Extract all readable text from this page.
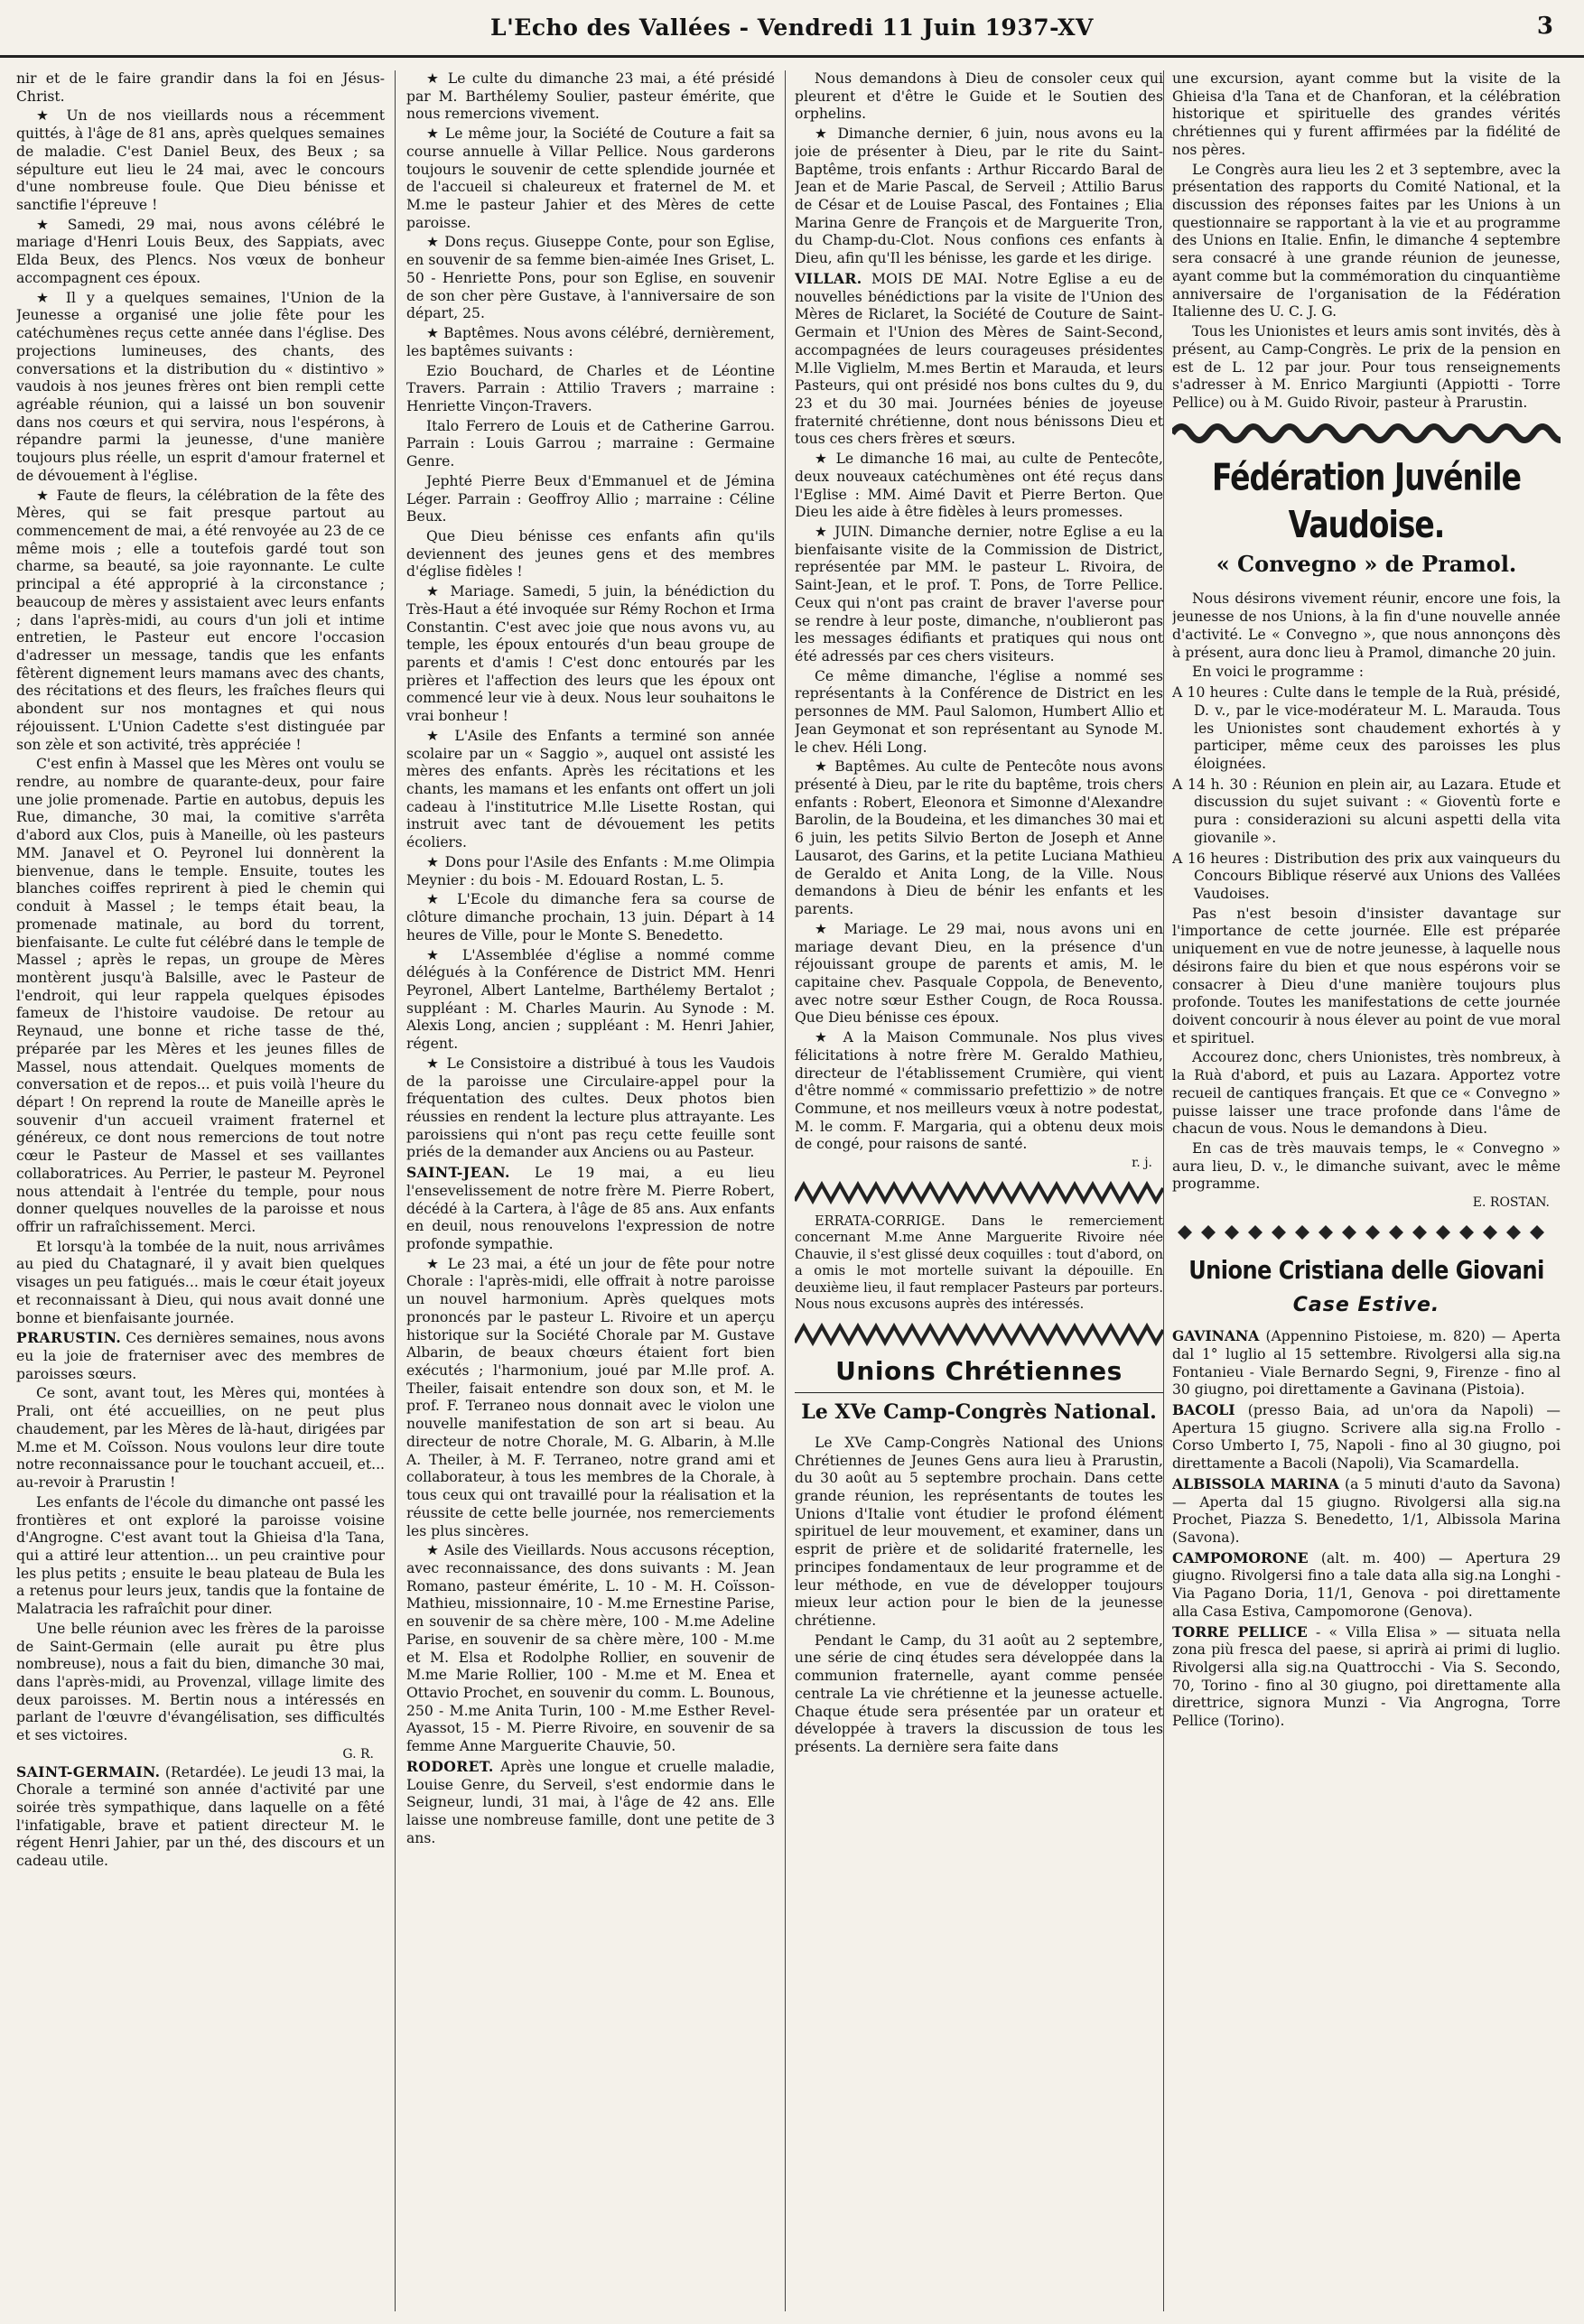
L'Echo des Vallées - Vendredi 11 Juin 1937-XV	3

nir et de le faire grandir dans la foi en Jésus-Christ.

★ Un de nos vieillards nous a récemment quittés, à l'âge de 81 ans, après quelques semaines de maladie. C'est Daniel Beux, des Beux ; sa sépulture eut lieu le 24 mai, avec le concours d'une nombreuse foule. Que Dieu bénisse et sanctifie l'épreuve !

★ Samedi, 29 mai, nous avons célébré le mariage d'Henri Louis Beux, des Sappiats, avec Elda Beux, des Plencs. Nos vœux de bonheur accompagnent ces époux.

★ Il y a quelques semaines, l'Union de la Jeunesse a organisé une jolie fête pour les catéchumènes reçus cette année dans l'église. Des projections lumineuses, des chants, des conversations et la distribution du « distintivo » vaudois à nos jeunes frères ont bien rempli cette agréable réunion, qui a laissé un bon souvenir dans nos cœurs et qui servira, nous l'espérons, à répandre parmi la jeunesse, d'une manière toujours plus réelle, un esprit d'amour fraternel et de dévouement à l'église.

★ Faute de fleurs, la célébration de la fête des Mères, qui se fait presque partout au commencement de mai, a été renvoyée au 23 de ce même mois ; elle a toutefois gardé tout son charme, sa beauté, sa joie rayonnante. Le culte principal a été approprié à la circonstance ; beaucoup de mères y assistaient avec leurs enfants ; dans l'après-midi, au cours d'un joli et intime entretien, le Pasteur eut encore l'occasion d'adresser un message, tandis que les enfants fêtèrent dignement leurs mamans avec des chants, des récitations et des fleurs, les fraîches fleurs qui abondent sur nos montagnes et qui nous réjouissent. L'Union Cadette s'est distinguée par son zèle et son activité, très appréciée !

C'est enfin à Massel que les Mères ont voulu se rendre, au nombre de quarante-deux, pour faire une jolie promenade. Partie en autobus, depuis les Rue, dimanche, 30 mai, la comitive s'arrêta d'abord aux Clos, puis à Maneille, où les pasteurs MM. Janavel et O. Peyronel lui donnèrent la bienvenue, dans le temple. Ensuite, toutes les blanches coiffes reprirent à pied le chemin qui conduit à Massel ; le temps était beau, la promenade matinale, au bord du torrent, bienfaisante. Le culte fut célébré dans le temple de Massel ; après le repas, un groupe de Mères montèrent jusqu'à Balsille, avec le Pasteur de l'endroit, qui leur rappela quelques épisodes fameux de l'histoire vaudoise. De retour au Reynaud, une bonne et riche tasse de thé, préparée par les Mères et les jeunes filles de Massel, nous attendait. Quelques moments de conversation et de repos... et puis voilà l'heure du départ ! On reprend la route de Maneille après le souvenir d'un accueil vraiment fraternel et généreux, ce dont nous remercions de tout notre cœur le Pasteur de Massel et ses vaillantes collaboratrices. Au Perrier, le pasteur M. Peyronel nous attendait à l'entrée du temple, pour nous donner quelques nouvelles de la paroisse et nous offrir un rafraîchissement. Merci.

Et lorsqu'à la tombée de la nuit, nous arrivâmes au pied du Chatagnaré, il y avait bien quelques visages un peu fatigués... mais le cœur était joyeux et reconnaissant à Dieu, qui nous avait donné une bonne et bienfaisante journée.

PRARUSTIN. Ces dernières semaines, nous avons eu la joie de fraterniser avec des membres de paroisses sœurs.

Ce sont, avant tout, les Mères qui, montées à Prali, ont été accueillies, on ne peut plus chaudement, par les Mères de là-haut, dirigées par M.me et M. Coïsson. Nous voulons leur dire toute notre reconnaissance pour le touchant accueil, et... au-revoir à Prarustin !

Les enfants de l'école du dimanche ont passé les frontières et ont exploré la paroisse voisine d'Angrogne. C'est avant tout la Ghieisa d'la Tana, qui a attiré leur attention... un peu craintive pour les plus petits ; ensuite le beau plateau de Bula les a retenus pour leurs jeux, tandis que la fontaine de Malatracia les rafraîchit pour diner.

Une belle réunion avec les frères de la paroisse de Saint-Germain (elle aurait pu être plus nombreuse), nous a fait du bien, dimanche 30 mai, dans l'après-midi, au Provenzal, village limite des deux paroisses. M. Bertin nous a intéressés en parlant de l'œuvre d'évangélisation, ses difficultés et ses victoires.

G. R.

SAINT-GERMAIN. (Retardée). Le jeudi 13 mai, la Chorale a terminé son année d'activité par une soirée très sympathique, dans laquelle on a fêté l'infatigable, brave et patient directeur M. le régent Henri Jahier, par un thé, des discours et un cadeau utile.

★ Le culte du dimanche 23 mai, a été présidé par M. Barthélemy Soulier, pasteur émérite, que nous remercions vivement.

★ Le même jour, la Société de Couture a fait sa course annuelle à Villar Pellice. Nous garderons toujours le souvenir de cette splendide journée et de l'accueil si chaleureux et fraternel de M. et M.me le pasteur Jahier et des Mères de cette paroisse.

★ Dons reçus. Giuseppe Conte, pour son Eglise, en souvenir de sa femme bien-aimée Ines Griset, L. 50 - Henriette Pons, pour son Eglise, en souvenir de son cher père Gustave, à l'anniversaire de son départ, 25.

★ Baptêmes. Nous avons célébré, dernièrement, les baptêmes suivants :

Ezio Bouchard, de Charles et de Léontine Travers. Parrain : Attilio Travers ; marraine : Henriette Vinçon-Travers.

Italo Ferrero de Louis et de Catherine Garrou. Parrain : Louis Garrou ; marraine : Germaine Genre.

Jephté Pierre Beux d'Emmanuel et de Jémina Léger. Parrain : Geoffroy Allio ; marraine : Céline Beux.

Que Dieu bénisse ces enfants afin qu'ils deviennent des jeunes gens et des membres d'église fidèles !

★ Mariage. Samedi, 5 juin, la bénédiction du Très-Haut a été invoquée sur Rémy Rochon et Irma Constantin. C'est avec joie que nous avons vu, au temple, les époux entourés d'un beau groupe de parents et d'amis ! C'est donc entourés par les prières et l'affection des leurs que les époux ont commencé leur vie à deux. Nous leur souhaitons le vrai bonheur !

★ L'Asile des Enfants a terminé son année scolaire par un « Saggio », auquel ont assisté les mères des enfants. Après les récitations et les chants, les mamans et les enfants ont offert un joli cadeau à l'institutrice M.lle Lisette Rostan, qui instruit avec tant de dévouement les petits écoliers.

★ Dons pour l'Asile des Enfants : M.me Olimpia Meynier : du bois - M. Edouard Rostan, L. 5.

★ L'Ecole du dimanche fera sa course de clôture dimanche prochain, 13 juin. Départ à 14 heures de Ville, pour le Monte S. Benedetto.

★ L'Assemblée d'église a nommé comme délégués à la Conférence de District MM. Henri Peyronel, Albert Lantelme, Barthélemy Bertalot ; suppléant : M. Charles Maurin. Au Synode : M. Alexis Long, ancien ; suppléant : M. Henri Jahier, régent.

★ Le Consistoire a distribué à tous les Vaudois de la paroisse une Circulaire-appel pour la fréquentation des cultes. Deux photos bien réussies en rendent la lecture plus attrayante. Les paroissiens qui n'ont pas reçu cette feuille sont priés de la demander aux Anciens ou au Pasteur.

SAINT-JEAN. Le 19 mai, a eu lieu l'ensevelissement de notre frère M. Pierre Robert, décédé à la Cartera, à l'âge de 85 ans. Aux enfants en deuil, nous renouvelons l'expression de notre profonde sympathie.

★ Le 23 mai, a été un jour de fête pour notre Chorale : l'après-midi, elle offrait à notre paroisse un nouvel harmonium. Après quelques mots prononcés par le pasteur L. Rivoire et un aperçu historique sur la Société Chorale par M. Gustave Albarin, de beaux chœurs étaient fort bien exécutés ; l'harmonium, joué par M.lle prof. A. Theiler, faisait entendre son doux son, et M. le prof. F. Terraneo nous donnait avec le violon une nouvelle manifestation de son art si beau. Au directeur de notre Chorale, M. G. Albarin, à M.lle A. Theiler, à M. F. Terraneo, notre grand ami et collaborateur, à tous les membres de la Chorale, à tous ceux qui ont travaillé pour la réalisation et la réussite de cette belle journée, nos remerciements les plus sincères.

★ Asile des Vieillards. Nous accusons réception, avec reconnaissance, des dons suivants : M. Jean Romano, pasteur émérite, L. 10 - M. H. Coïsson-Mathieu, missionnaire, 10 - M.me Ernestine Parise, en souvenir de sa chère mère, 100 - M.me Adeline Parise, en souvenir de sa chère mère, 100 - M.me et M. Elsa et Rodolphe Rollier, en souvenir de M.me Marie Rollier, 100 - M.me et M. Enea et Ottavio Prochet, en souvenir du comm. L. Bounous, 250 - M.me Anita Turin, 100 - M.me Esther Revel-Ayassot, 15 - M. Pierre Rivoire, en souvenir de sa femme Anne Marguerite Chauvie, 50.

RODORET. Après une longue et cruelle maladie, Louise Genre, du Serveil, s'est endormie dans le Seigneur, lundi, 31 mai, à l'âge de 42 ans. Elle laisse une nombreuse famille, dont une petite de 3 ans.

Nous demandons à Dieu de consoler ceux qui pleurent et d'être le Guide et le Soutien des orphelins.

★ Dimanche dernier, 6 juin, nous avons eu la joie de présenter à Dieu, par le rite du Saint-Baptême, trois enfants : Arthur Riccardo Baral de Jean et de Marie Pascal, de Serveil ; Attilio Barus de César et de Louise Pascal, des Fontaines ; Elia Marina Genre de François et de Marguerite Tron, du Champ-du-Clot. Nous confions ces enfants à Dieu, afin qu'Il les bénisse, les garde et les dirige.

VILLAR. MOIS DE MAI. Notre Eglise a eu de nouvelles bénédictions par la visite de l'Union des Mères de Riclaret, la Société de Couture de Saint-Germain et l'Union des Mères de Saint-Second, accompagnées de leurs courageuses présidentes M.lle Viglielm, M.mes Bertin et Marauda, et leurs Pasteurs, qui ont présidé nos bons cultes du 9, du 23 et du 30 mai. Journées bénies de joyeuse fraternité chrétienne, dont nous bénissons Dieu et tous ces chers frères et sœurs.

★ Le dimanche 16 mai, au culte de Pentecôte, deux nouveaux catéchumènes ont été reçus dans l'Eglise : MM. Aimé Davit et Pierre Berton. Que Dieu les aide à être fidèles à leurs promesses.

★ JUIN. Dimanche dernier, notre Eglise a eu la bienfaisante visite de la Commission de District, représentée par MM. le pasteur L. Rivoira, de Saint-Jean, et le prof. T. Pons, de Torre Pellice. Ceux qui n'ont pas craint de braver l'averse pour se rendre à leur poste, dimanche, n'oublieront pas les messages édifiants et pratiques qui nous ont été adressés par ces chers visiteurs.

Ce même dimanche, l'église a nommé ses représentants à la Conférence de District en les personnes de MM. Paul Salomon, Humbert Allio et Jean Geymonat et son représentant au Synode M. le chev. Héli Long.

★ Baptêmes. Au culte de Pentecôte nous avons présenté à Dieu, par le rite du baptême, trois chers enfants : Robert, Eleonora et Simonne d'Alexandre Barolin, de la Boudeina, et les dimanches 30 mai et 6 juin, les petits Silvio Berton de Joseph et Anne Lausarot, des Garins, et la petite Luciana Mathieu de Geraldo et Anita Long, de la Ville. Nous demandons à Dieu de bénir les enfants et les parents.

★ Mariage. Le 29 mai, nous avons uni en mariage devant Dieu, en la présence d'un réjouissant groupe de parents et amis, M. le capitaine chev. Pasquale Coppola, de Benevento, avec notre sœur Esther Cougn, de Roca Roussa. Que Dieu bénisse ces époux.

★ A la Maison Communale. Nos plus vives félicitations à notre frère M. Geraldo Mathieu, directeur de l'établissement Crumière, qui vient d'être nommé « commissario prefettizio » de notre Commune, et nos meilleurs vœux à notre podestat, M. le comm. F. Margaria, qui a obtenu deux mois de congé, pour raisons de santé.

r. j.

ERRATA-CORRIGE. Dans le remerciement concernant M.me Anne Marguerite Rivoire née Chauvie, il s'est glissé deux coquilles : tout d'abord, on a omis le mot mortelle suivant la dépouille. En deuxième lieu, il faut remplacer Pasteurs par porteurs. Nous nous excusons auprès des intéressés.

Unions Chrétiennes
Le XVe Camp-Congrès National.

Le XVe Camp-Congrès National des Unions Chrétiennes de Jeunes Gens aura lieu à Prarustin, du 30 août au 5 septembre prochain. Dans cette grande réunion, les représentants de toutes les Unions d'Italie vont étudier le profond élément spirituel de leur mouvement, et examiner, dans un esprit de prière et de solidarité fraternelle, les principes fondamentaux de leur programme et de leur méthode, en vue de développer toujours mieux leur action pour le bien de la jeunesse chrétienne.

Pendant le Camp, du 31 août au 2 septembre, une série de cinq études sera développée dans la communion fraternelle, ayant comme pensée centrale La vie chrétienne et la jeunesse actuelle. Chaque étude sera présentée par un orateur et développée à travers la discussion de tous les présents. La dernière sera faite dans

une excursion, ayant comme but la visite de la Ghieisa d'la Tana et de Chanforan, et la célébration historique et spirituelle des grandes vérités chrétiennes qui y furent affirmées par la fidélité de nos pères.

Le Congrès aura lieu les 2 et 3 septembre, avec la présentation des rapports du Comité National, et la discussion des réponses faites par les Unions à un questionnaire se rapportant à la vie et au programme des Unions en Italie. Enfin, le dimanche 4 septembre sera consacré à une grande réunion de jeunesse, ayant comme but la commémoration du cinquantième anniversaire de l'organisation de la Fédération Italienne des U. C. J. G.

Tous les Unionistes et leurs amis sont invités, dès à présent, au Camp-Congrès. Le prix de la pension en est de L. 12 par jour. Pour tous renseignements s'adresser à M. Enrico Margiunti (Appiotti - Torre Pellice) ou à M. Guido Rivoir, pasteur à Prarustin.

Fédération Juvénile Vaudoise.
« Convegno » de Pramol.

Nous désirons vivement réunir, encore une fois, la jeunesse de nos Unions, à la fin d'une nouvelle année d'activité. Le « Convegno », que nous annonçons dès à présent, aura donc lieu à Pramol, dimanche 20 juin.

En voici le programme :

A 10 heures : Culte dans le temple de la Ruà, présidé, D. v., par le vice-modérateur M. L. Marauda. Tous les Unionistes sont chaudement exhortés à y participer, même ceux des paroisses les plus éloignées.

A 14 h. 30 : Réunion en plein air, au Lazara. Etude et discussion du sujet suivant : « Gioventù forte e pura : considerazioni su alcuni aspetti della vita giovanile ».

A 16 heures : Distribution des prix aux vainqueurs du Concours Biblique réservé aux Unions des Vallées Vaudoises.

Pas n'est besoin d'insister davantage sur l'importance de cette journée. Elle est préparée uniquement en vue de notre jeunesse, à laquelle nous désirons faire du bien et que nous espérons voir se consacrer à Dieu d'une manière toujours plus profonde. Toutes les manifestations de cette journée doivent concourir à nous élever au point de vue moral et spirituel.

Accourez donc, chers Unionistes, très nombreux, à la Ruà d'abord, et puis au Lazara. Apportez votre recueil de cantiques français. Et que ce « Convegno » puisse laisser une trace profonde dans l'âme de chacun de vous. Nous le demandons à Dieu.

En cas de très mauvais temps, le « Convegno » aura lieu, D. v., le dimanche suivant, avec le même programme.

E. ROSTAN.
Unione Cristiana delle Giovani
Case Estive.

GAVINANA (Appennino Pistoiese, m. 820) — Aperta dal 1° luglio al 15 settembre. Rivolgersi alla sig.na Fontanieu - Viale Bernardo Segni, 9, Firenze - fino al 30 giugno, poi direttamente a Gavinana (Pistoia).

BACOLI (presso Baia, ad un'ora da Napoli) — Apertura 15 giugno. Scrivere alla sig.na Frollo - Corso Umberto I, 75, Napoli - fino al 30 giugno, poi direttamente a Bacoli (Napoli), Via Scamardella.

ALBISSOLA MARINA (a 5 minuti d'auto da Savona) — Aperta dal 15 giugno. Rivolgersi alla sig.na Prochet, Piazza S. Benedetto, 1/1, Albissola Marina (Savona).

CAMPOMORONE (alt. m. 400) — Apertura 29 giugno. Rivolgersi fino a tale data alla sig.na Longhi - Via Pagano Doria, 11/1, Genova - poi direttamente alla Casa Estiva, Campomorone (Genova).

TORRE PELLICE - « Villa Elisa » — situata nella zona più fresca del paese, si aprirà ai primi di luglio. Rivolgersi alla sig.na Quattrocchi - Via S. Secondo, 70, Torino - fino al 30 giugno, poi direttamente alla direttrice, signora Munzi - Via Angrogna, Torre Pellice (Torino).
